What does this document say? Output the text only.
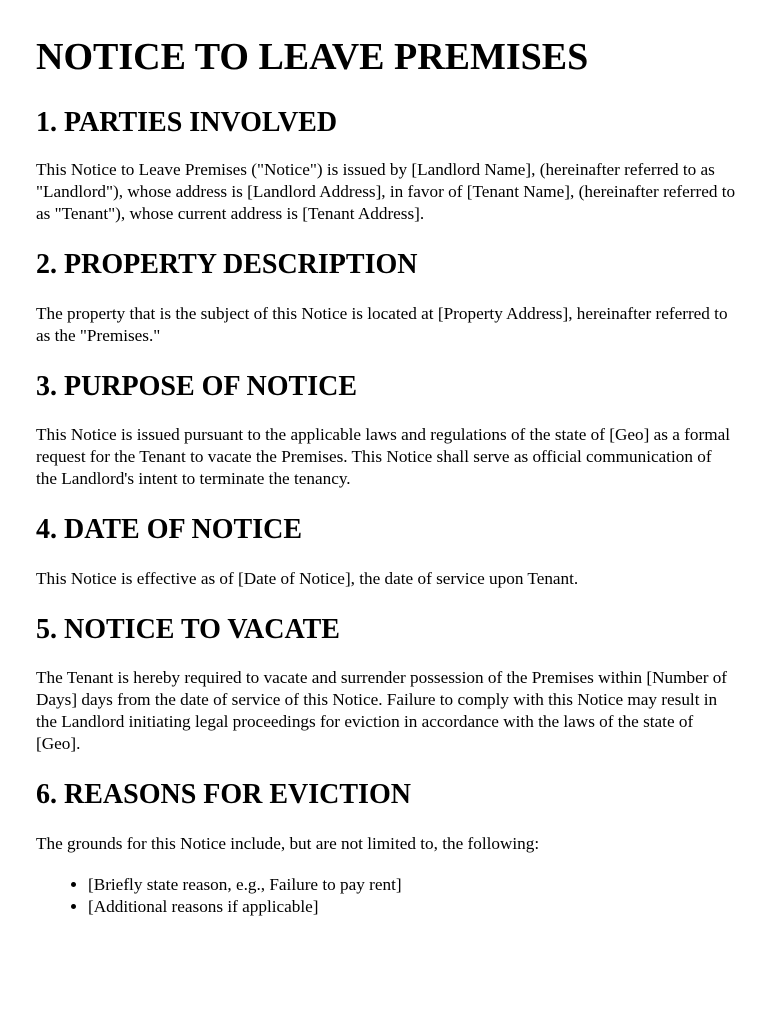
NOTICE TO LEAVE PREMISES
1. PARTIES INVOLVED

This Notice to Leave Premises ("Notice") is issued by [Landlord Name], (hereinafter referred to as "Landlord"), whose address is [Landlord Address], in favor of [Tenant Name], (hereinafter referred to as "Tenant"), whose current address is [Tenant Address].

2. PROPERTY DESCRIPTION

The property that is the subject of this Notice is located at [Property Address], hereinafter referred to as the "Premises."

3. PURPOSE OF NOTICE

This Notice is issued pursuant to the applicable laws and regulations of the state of [Geo] as a formal request for the Tenant to vacate the Premises. This Notice shall serve as official communication of the Landlord's intent to terminate the tenancy.

4. DATE OF NOTICE

This Notice is effective as of [Date of Notice], the date of service upon Tenant.

5. NOTICE TO VACATE

The Tenant is hereby required to vacate and surrender possession of the Premises within [Number of Days] days from the date of service of this Notice. Failure to comply with this Notice may result in the Landlord initiating legal proceedings for eviction in accordance with the laws of the state of [Geo].

6. REASONS FOR EVICTION

The grounds for this Notice include, but are not limited to, the following:

• [Briefly state reason, e.g., Failure to pay rent]
• [Additional reasons if applicable]
